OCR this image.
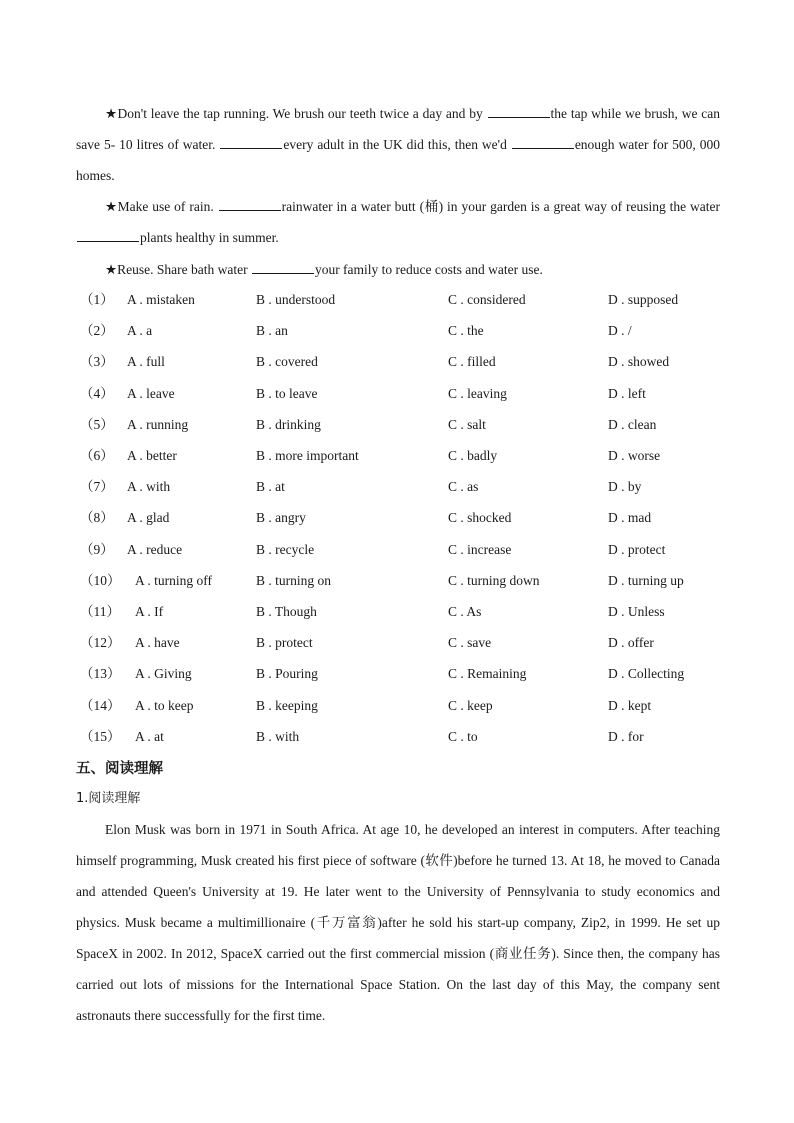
★Don't leave the tap running. We brush our teeth twice a day and by	the tap while we brush, we can save 5- 10 litres of water.	every adult in the UK did this, then we'd	enough water for 500, 000 homes.

★Make use of rain.	rainwater in a water butt (桶) in your garden is a great way of reusing the water plants healthy in summer.

★Reuse. Share bath water	your family to reduce costs and water use.

（1） A . mistaken	B . understood	C . considered	D . supposed
（2） A . a	B . an	C . the	D . /
（3） A . full	B . covered	C . filled	D . showed
（4） A . leave	B . to leave	C . leaving	D . left
（5） A . running	B . drinking	C . salt	D . clean
（6） A . better	B . more important	C . badly	D . worse
（7） A . with	B . at	C . as	D . by
（8） A . glad	B . angry	C . shocked	D . mad
（9） A . reduce	B . recycle	C . increase	D . protect
（10） A . turning off	B . turning on	C . turning down	D . turning up
（11） A . If	B . Though	C . As	D . Unless
（12） A . have	B . protect	C . save	D . offer
（13） A . Giving	B . Pouring	C . Remaining	D . Collecting
（14） A . to keep	B . keeping	C . keep	D . kept
（15） A . at	B . with	C . to	D . for
五、阅读理解

1.阅读理解

Elon Musk was born in 1971 in South Africa. At age 10, he developed an interest in computers. After teaching himself programming, Musk created his first piece of software (软件)before he turned 13. At 18, he moved to Canada and attended Queen's University at 19. He later went to the University of Pennsylvania to study economics and physics. Musk became a multimillionaire (千万富翁)after he sold his start-up company, Zip2, in 1999. He set up SpaceX in 2002. In 2012, SpaceX carried out the first commercial mission (商业任务). Since then, the company has carried out lots of missions for the International Space Station. On the last day of this May, the company sent astronauts there successfully for the first time.
